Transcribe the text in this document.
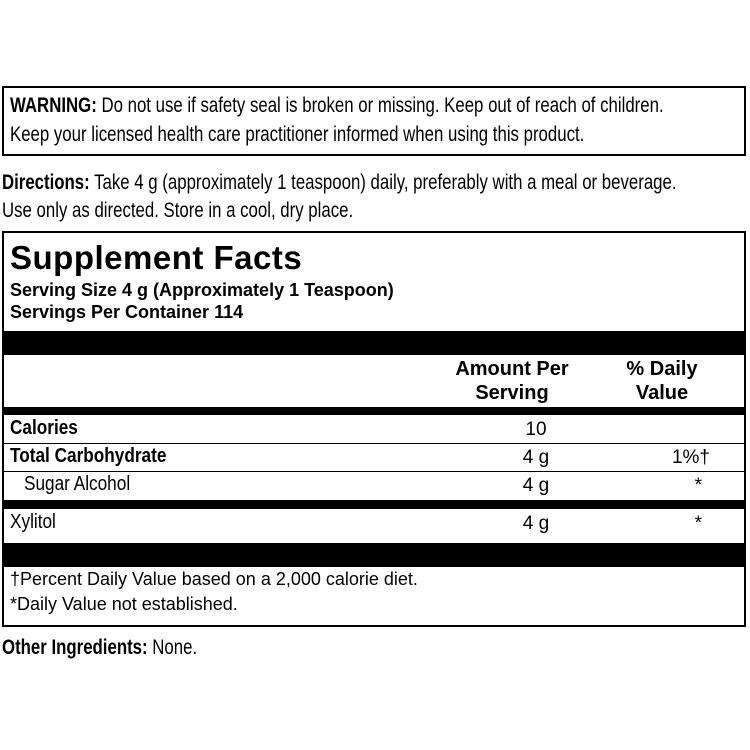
WARNING: Do not use if safety seal is broken or missing. Keep out of reach of children.
Keep your licensed health care practitioner informed when using this product.
Directions: Take 4 g (approximately 1 teaspoon) daily, preferably with a meal or beverage.
Use only as directed. Store in a cool, dry place.
Supplement Facts
Serving Size 4 g (Approximately 1 Teaspoon)
Servings Per Container 114
Amount Per
Serving
% Daily
Value
Calories	10
Total Carbohydrate	4 g	1%†
Sugar Alcohol	4 g	*
Xylitol	4 g	*
†Percent Daily Value based on a 2,000 calorie diet.
*Daily Value not established.
Other Ingredients: None.
